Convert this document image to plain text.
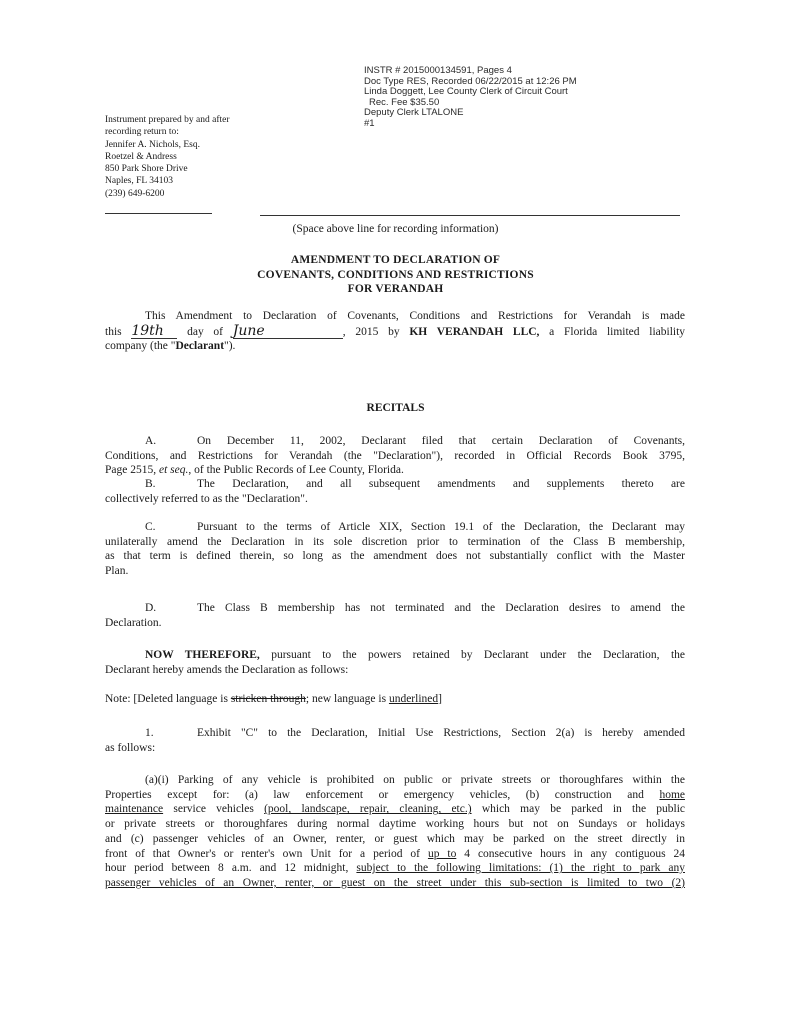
INSTR # 2015000134591, Pages 4
Doc Type RES, Recorded 06/22/2015 at 12:26 PM
Linda Doggett, Lee County Clerk of Circuit Court
Rec. Fee $35.50
Deputy Clerk LTALONE
#1
Instrument prepared by and after
recording return to:
Jennifer A. Nichols, Esq.
Roetzel & Andress
850 Park Shore Drive
Naples, FL 34103
(239) 649-6200
(Space above line for recording information)
AMENDMENT TO DECLARATION OF
COVENANTS, CONDITIONS AND RESTRICTIONS
FOR VERANDAH
This Amendment to Declaration of Covenants, Conditions and Restrictions for Verandah is made
this 19th day of June	, 2015 by KH VERANDAH LLC, a Florida limited liability
company (the "Declarant").
RECITALS
A.	On December 11, 2002, Declarant filed that certain Declaration of Covenants,
Conditions, and Restrictions for Verandah (the "Declaration"), recorded in Official Records Book 3795,
Page 2515, et seq., of the Public Records of Lee County, Florida.
B.	The Declaration, and all subsequent amendments and supplements thereto are
collectively referred to as the "Declaration".
C.	Pursuant to the terms of Article XIX, Section 19.1 of the Declaration, the Declarant may
unilaterally amend the Declaration in its sole discretion prior to termination of the Class B membership,
as that term is defined therein, so long as the amendment does not substantially conflict with the Master
Plan.
D.	The Class B membership has not terminated and the Declaration desires to amend the
Declaration.
NOW THEREFORE, pursuant to the powers retained by Declarant under the Declaration, the
Declarant hereby amends the Declaration as follows:
Note: [Deleted language is stricken through; new language is underlined]
1.	Exhibit "C" to the Declaration, Initial Use Restrictions, Section 2(a) is hereby amended
as follows:
(a)(i) Parking of any vehicle is prohibited on public or private streets or thoroughfares within the
Properties except for: (a) law enforcement or emergency vehicles, (b) construction and home
maintenance service vehicles (pool, landscape, repair, cleaning, etc.) which may be parked in the public
or private streets or thoroughfares during normal daytime working hours but not on Sundays or holidays
and (c) passenger vehicles of an Owner, renter, or guest which may be parked on the street directly in
front of that Owner's or renter's own Unit for a period of up to 4 consecutive hours in any contiguous 24
hour period between 8 a.m. and 12 midnight, subject to the following limitations: (1) the right to park any
passenger vehicles of an Owner, renter, or guest on the street under this sub-section is limited to two (2)
